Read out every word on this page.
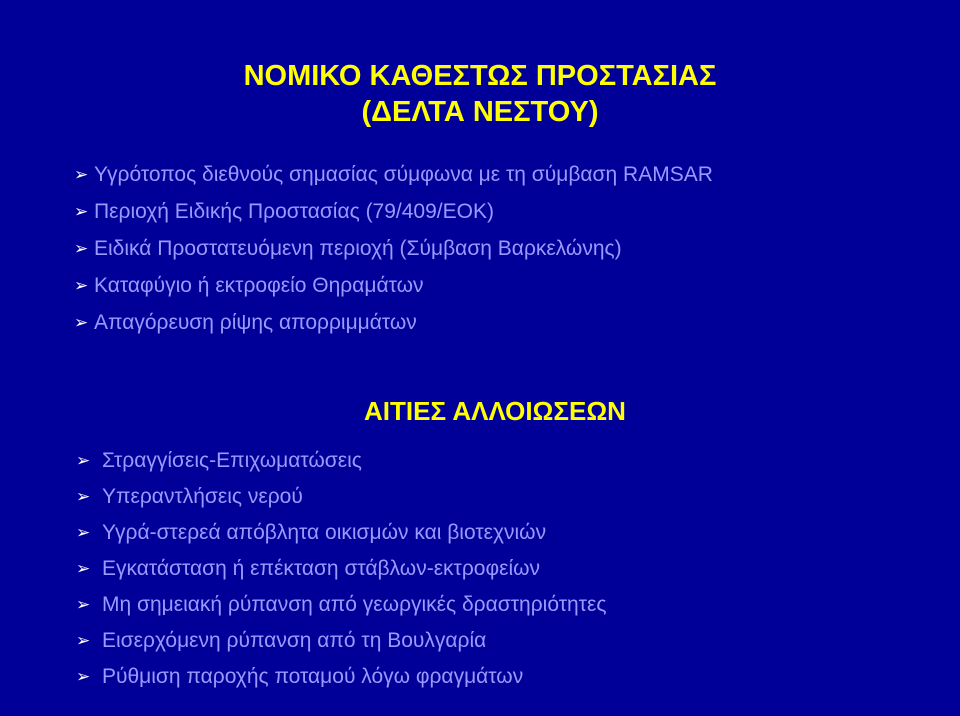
ΝΟΜΙΚΟ ΚΑΘΕΣΤΩΣ ΠΡΟΣΤΑΣΙΑΣ
(ΔΕΛΤΑ ΝΕΣΤΟΥ)
➢ Υγρότοπος διεθνούς σημασίας σύμφωνα με τη σύμβαση RAMSAR
➢ Περιοχή Ειδικής Προστασίας (79/409/ΕΟΚ)
➢ Ειδικά Προστατευόμενη περιοχή (Σύμβαση Βαρκελώνης)
➢ Καταφύγιο ή εκτροφείο Θηραμάτων
➢ Απαγόρευση ρίψης απορριμμάτων
ΑΙΤΙΕΣ ΑΛΛΟΙΩΣΕΩΝ
➢ Στραγγίσεις-Επιχωματώσεις
➢ Υπεραντλήσεις νερού
➢ Υγρά-στερεά απόβλητα οικισμών και βιοτεχνιών
➢ Εγκατάσταση ή επέκταση στάβλων-εκτροφείων
➢ Μη σημειακή ρύπανση από γεωργικές δραστηριότητες
➢ Εισερχόμενη ρύπανση από τη Βουλγαρία
➢ Ρύθμιση παροχής ποταμού λόγω φραγμάτων
